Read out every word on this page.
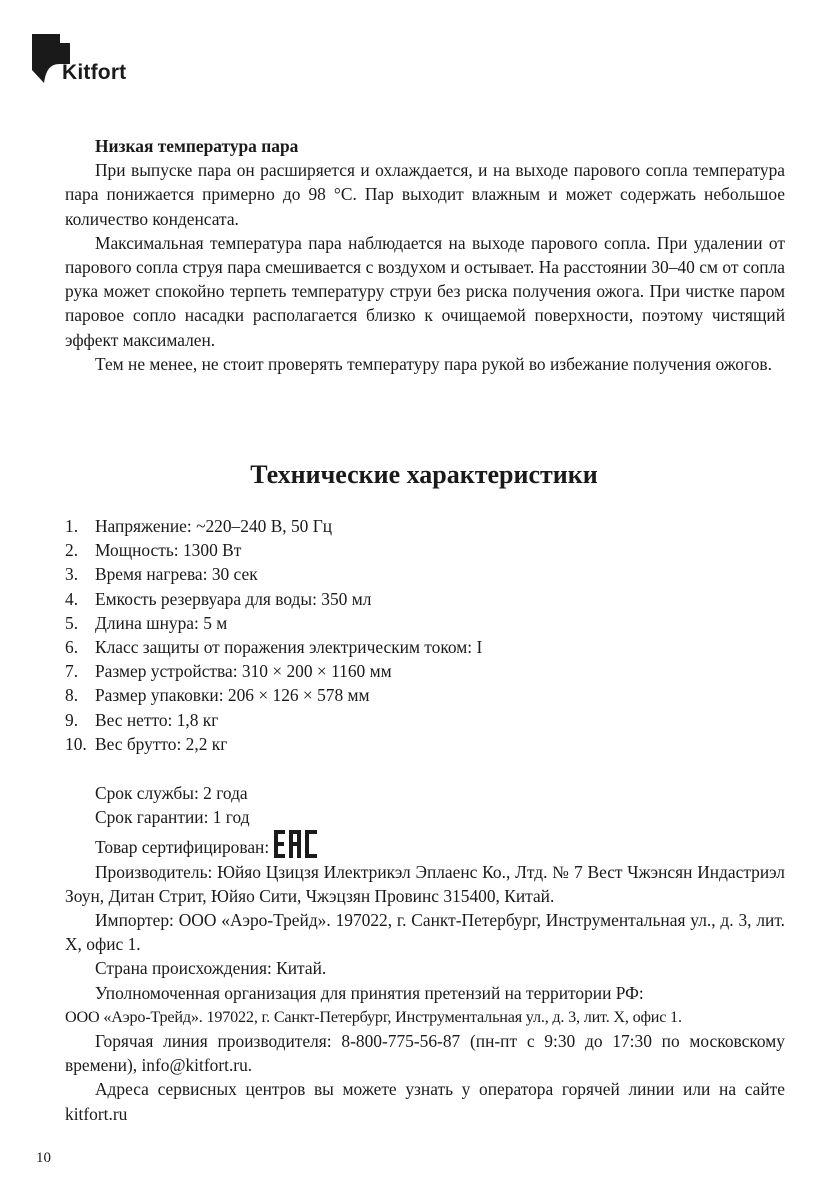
Kitfort

Низкая температура пара

При выпуске пара он расширяется и охлаждается, и на выходе парового сопла температура пара понижается примерно до 98 °C. Пар выходит влажным и может содержать небольшое количество конденсата.

Максимальная температура пара наблюдается на выходе парового сопла. При удалении от парового сопла струя пара смешивается с воздухом и остывает. На расстоянии 30–40 см от сопла рука может спокойно терпеть температуру струи без риска получения ожога. При чистке паром паровое сопло насадки располагается близко к очищаемой поверхности, поэтому чистящий эффект максимален.

Тем не менее, не стоит проверять температуру пара рукой во избежание получения ожогов.

Технические характеристики
1. Напряжение: ~220–240 В, 50 Гц
2. Мощность: 1300 Вт
3. Время нагрева: 30 сек
4. Емкость резервуара для воды: 350 мл
5. Длина шнура: 5 м
6. Класс защиты от поражения электрическим током: I
7. Размер устройства: 310 × 200 × 1160 мм
8. Размер упаковки: 206 × 126 × 578 мм
9. Вес нетто: 1,8 кг
10. Вес брутто: 2,2 кг

Срок службы: 2 года

Срок гарантии: 1 год

Товар сертифицирован:

Производитель: Юйяо Цзицзя Илектрикэл Эплаенс Ко., Лтд. № 7 Вест Чжэнсян Индастриэл Зоун, Дитан Стрит, Юйяо Сити, Чжэцзян Провинс 315400, Китай.

Импортер: ООО «Аэро-Трейд». 197022, г. Санкт-Петербург, Инструментальная ул., д. 3, лит. Х, офис 1.

Страна происхождения: Китай.

Уполномоченная организация для принятия претензий на территории РФ:

ООО «Аэро-Трейд». 197022, г. Санкт-Петербург, Инструментальная ул., д. 3, лит. Х, офис 1.

Горячая линия производителя: 8-800-775-56-87 (пн-пт с 9:30 до 17:30 по московскому времени), info@kitfort.ru.

Адреса сервисных центров вы можете узнать у оператора горячей линии или на сайте kitfort.ru

10
